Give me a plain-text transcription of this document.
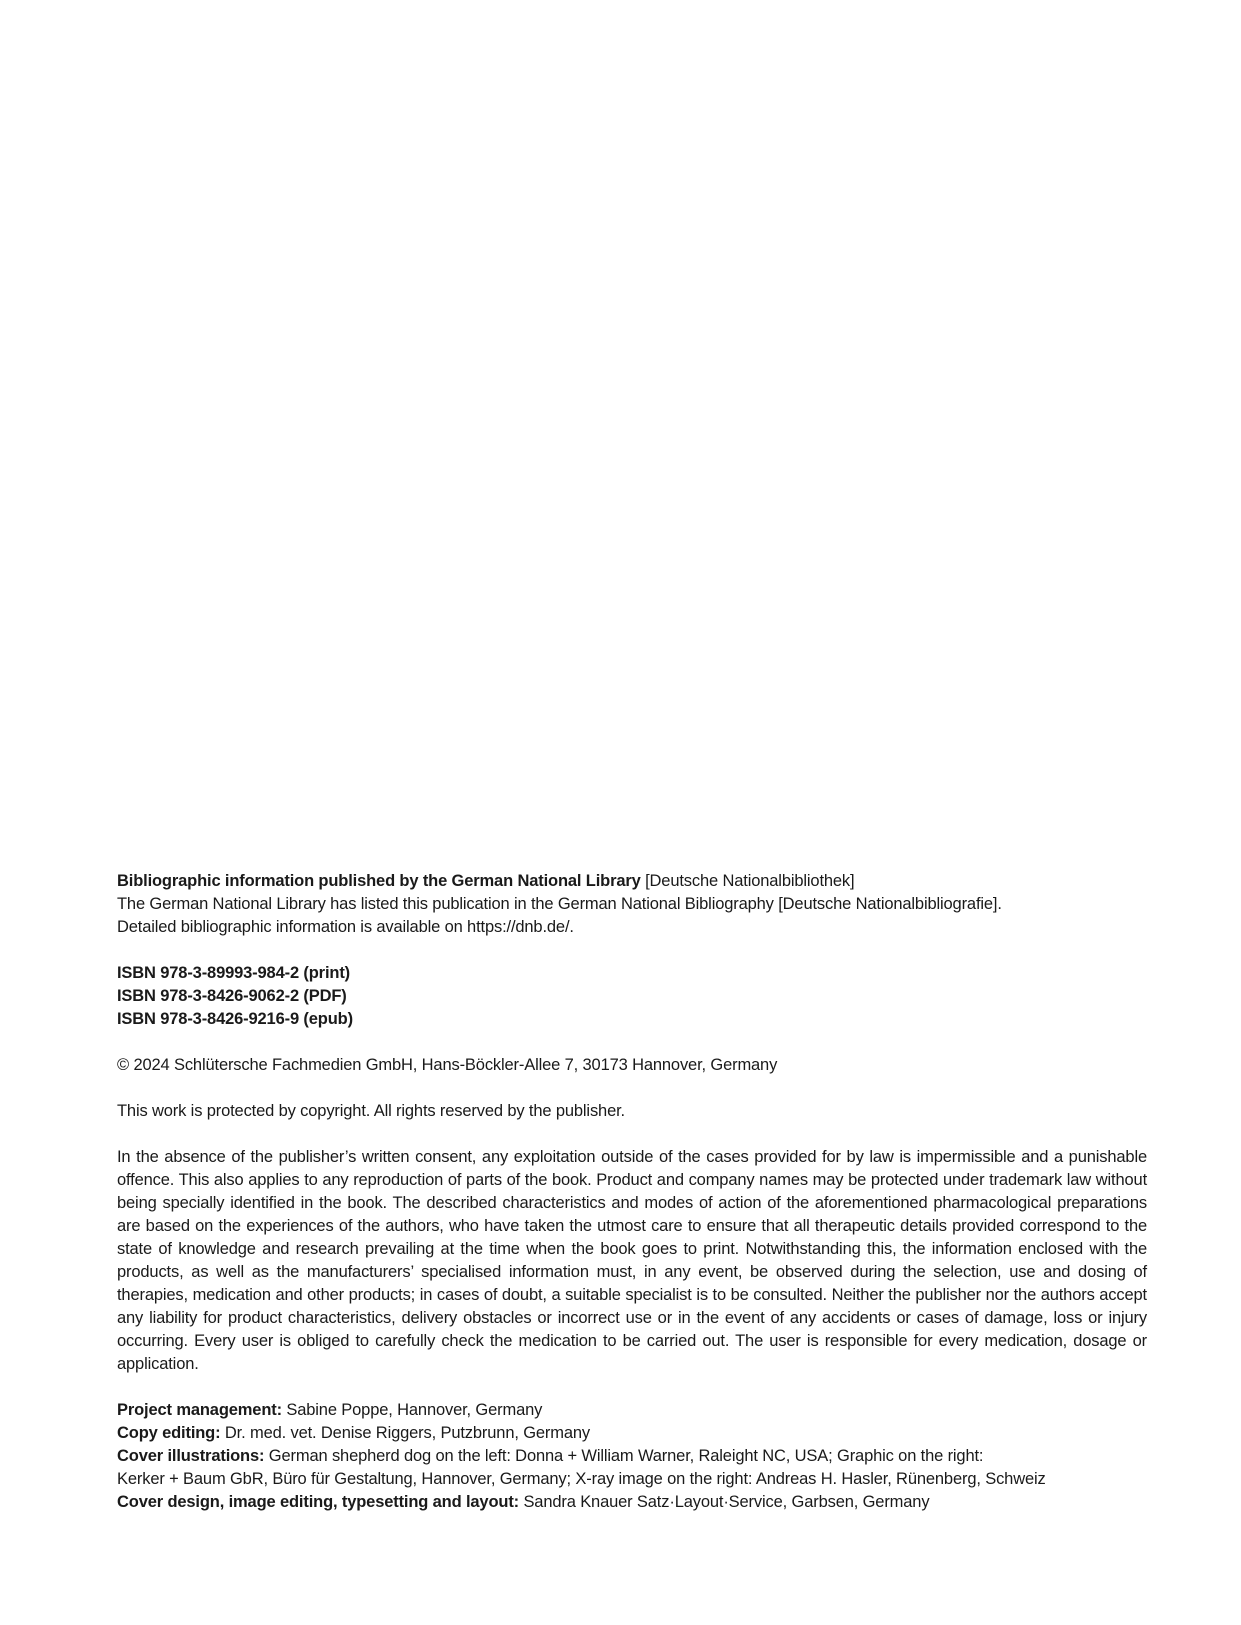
Bibliographic information published by the German National Library [Deutsche Nationalbibliothek]

The German National Library has listed this publication in the German National Bibliography [Deutsche Nationalbibliografie].

Detailed bibliographic information is available on https://dnb.de/.

ISBN 978-3-89993-984-2 (print)

ISBN 978-3-8426-9062-2 (PDF)

ISBN 978-3-8426-9216-9 (epub)

© 2024 Schlütersche Fachmedien GmbH, Hans-Böckler-Allee 7, 30173 Hannover, Germany

This work is protected by copyright. All rights reserved by the publisher.

In the absence of the publisher’s written consent, any exploitation outside of the cases provided for by law is impermissible and a punishable offence. This also applies to any reproduction of parts of the book. Product and company names may be protected under trademark law without being specially identified in the book. The described characteristics and modes of action of the aforementioned pharmacological preparations are based on the experiences of the authors, who have taken the utmost care to ensure that all therapeutic details provided correspond to the state of knowledge and research prevailing at the time when the book goes to print. Notwithstanding this, the information enclosed with the products, as well as the manufacturers’ specialised information must, in any event, be observed during the selection, use and dosing of therapies, medication and other products; in cases of doubt, a suitable specialist is to be consulted. Neither the publisher nor the authors accept any liability for product characteristics, delivery obstacles or incorrect use or in the event of any accidents or cases of damage, loss or injury occurring. Every user is obliged to carefully check the medication to be carried out. The user is responsible for every medication, dosage or application.

Project management: Sabine Poppe, Hannover, Germany

Copy editing: Dr. med. vet. Denise Riggers, Putzbrunn, Germany

Cover illustrations: German shepherd dog on the left: Donna + William Warner, Raleight NC, USA; Graphic on the right:

Kerker + Baum GbR, Büro für Gestaltung, Hannover, Germany; X-ray image on the right: Andreas H. Hasler, Rünenberg, Schweiz

Cover design, image editing, typesetting and layout: Sandra Knauer Satz·Layout·Service, Garbsen, Germany
